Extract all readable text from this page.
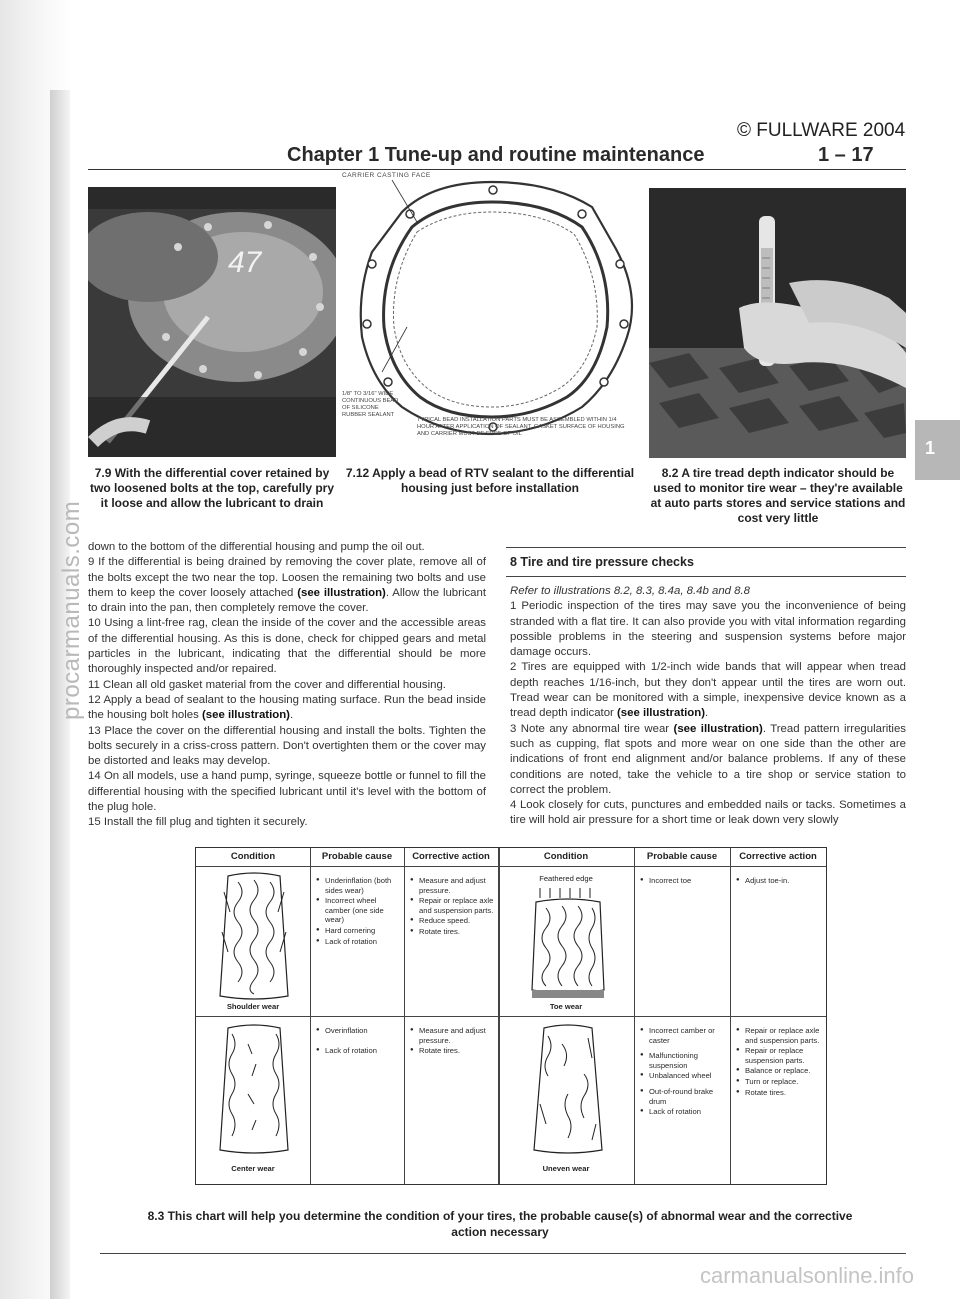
© FULLWARE 2004
Chapter 1 Tune-up and routine maintenance	1 – 17
47
CARRIER CASTING FACE
1/8" TO 3/16" WIDE CONTINUOUS BEAD OF SILICONE RUBBER SEALANT
TYPICAL BEAD INSTALLATION PARTS MUST BE ASSEMBLED WITHIN 1/4 HOUR AFTER APPLICATION OF SEALANT. GASKET SURFACE OF HOUSING AND CARRIER MUST BE FREE OF OIL
7.9 With the differential cover retained by two loosened bolts at the top, carefully pry it loose and allow the lubricant to drain
7.12 Apply a bead of RTV sealant to the differential housing just before installation
8.2 A tire tread depth indicator should be used to monitor tire wear – they're available at auto parts stores and service stations and cost very little

down to the bottom of the differential housing and pump the oil out.

9 If the differential is being drained by removing the cover plate, remove all of the bolts except the two near the top. Loosen the remaining two bolts and use them to keep the cover loosely attached (see illustration). Allow the lubricant to drain into the pan, then completely remove the cover.

10 Using a lint-free rag, clean the inside of the cover and the accessible areas of the differential housing. As this is done, check for chipped gears and metal particles in the lubricant, indicating that the differential should be more thoroughly inspected and/or repaired.

11 Clean all old gasket material from the cover and differential housing.

12 Apply a bead of sealant to the housing mating surface. Run the bead inside the housing bolt holes (see illustration).

13 Place the cover on the differential housing and install the bolts. Tighten the bolts securely in a criss-cross pattern. Don't overtighten them or the cover may be distorted and leaks may develop.

14 On all models, use a hand pump, syringe, squeeze bottle or funnel to fill the differential housing with the specified lubricant until it's level with the bottom of the plug hole.

15 Install the fill plug and tighten it securely.

8 Tire and tire pressure checks

Refer to illustrations 8.2, 8.3, 8.4a, 8.4b and 8.8

1 Periodic inspection of the tires may save you the inconvenience of being stranded with a flat tire. It can also provide you with vital information regarding possible problems in the steering and suspension systems before major damage occurs.

2 Tires are equipped with 1/2-inch wide bands that will appear when tread depth reaches 1/16-inch, but they don't appear until the tires are worn out. Tread wear can be monitored with a simple, inexpensive device known as a tread depth indicator (see illustration).

3 Note any abnormal tire wear (see illustration). Tread pattern irregularities such as cupping, flat spots and more wear on one side than the other are indications of front end alignment and/or balance problems. If any of these conditions are noted, take the vehicle to a tire shop or service station to correct the problem.

4 Look closely for cuts, punctures and embedded nails or tacks. Sometimes a tire will hold air pressure for a short time or leak down very slowly

Condition	Probable cause	Corrective action	Condition	Probable cause	Corrective action
Shoulder wear
● Underinflation (both sides wear)
● Incorrect wheel camber (one side wear)
● Hard cornering
● Lack of rotation
● Measure and adjust pressure.
● Repair or replace axle and suspension parts.
● Reduce speed.
● Rotate tires.
Feathered edge
Toe wear
● Incorrect toe
●	Adjust toe-in.
Center wear
● Overinflation
● Lack of rotation
● Measure and adjust pressure.
● Rotate tires.
Uneven wear
● Incorrect camber or caster
● Malfunctioning suspension
● Unbalanced wheel
● Out-of-round brake drum
● Lack of rotation
● Repair or replace axle and suspension parts.
● Repair or replace suspension parts.
● Balance or replace.
● Turn or replace.
● Rotate tires.
8.3 This chart will help you determine the condition of your tires, the probable cause(s) of abnormal wear and the corrective action necessary
1
procarmanuals.com
carmanualsonline.info
